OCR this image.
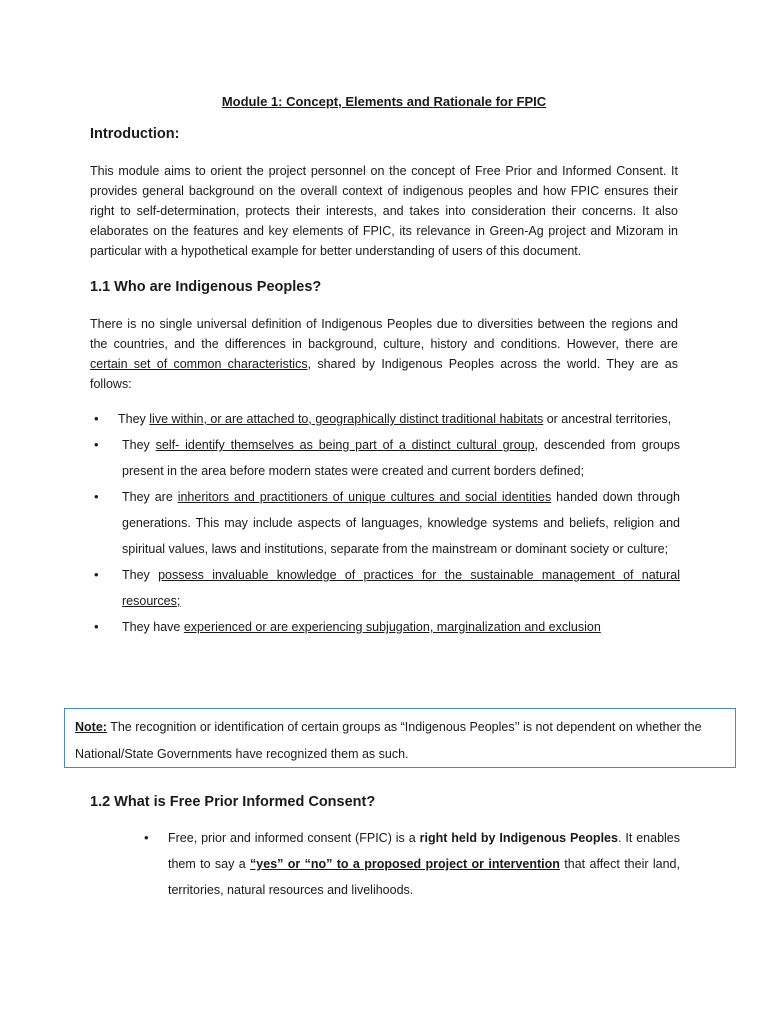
Module 1: Concept, Elements and Rationale for FPIC
Introduction:

This module aims to orient the project personnel on the concept of Free Prior and Informed Consent. It provides general background on the overall context of indigenous peoples and how FPIC ensures their right to self-determination, protects their interests, and takes into consideration their concerns. It also elaborates on the features and key elements of FPIC, its relevance in Green-Ag project and Mizoram in particular with a hypothetical example for better understanding of users of this document.

1.1 Who are Indigenous Peoples?

There is no single universal definition of Indigenous Peoples due to diversities between the regions and the countries, and the differences in background, culture, history and conditions. However, there are certain set of common characteristics, shared by Indigenous Peoples across the world. They are as follows:

• They live within, or are attached to, geographically distinct traditional habitats or ancestral territories,
• They self- identify themselves as being part of a distinct cultural group, descended from groups present in the area before modern states were created and current borders defined;
• They are inheritors and practitioners of unique cultures and social identities handed down through generations. This may include aspects of languages, knowledge systems and beliefs, religion and spiritual values, laws and institutions, separate from the mainstream or dominant society or culture;
• They possess invaluable knowledge of practices for the sustainable management of natural resources;
• They have experienced or are experiencing subjugation, marginalization and exclusion

Note: The recognition or identification of certain groups as “Indigenous Peoples’’ is not dependent on whether the National/State Governments have recognized them as such.

1.2 What is Free Prior Informed Consent?
• Free, prior and informed consent (FPIC) is a right held by Indigenous Peoples. It enables them to say a “yes” or “no” to a proposed project or intervention that affect their land, territories, natural resources and livelihoods.
